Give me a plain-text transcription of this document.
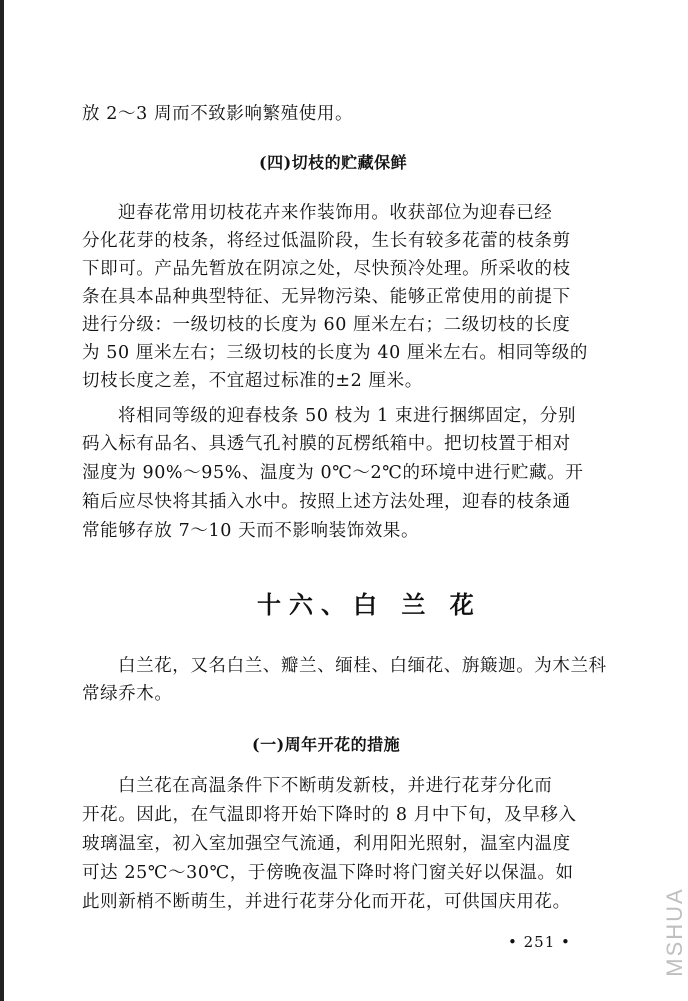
放 2～3 周而不致影响繁殖使用。
(四)切枝的贮藏保鲜
迎春花常用切枝花卉来作装饰用。收获部位为迎春已经
分化花芽的枝条，将经过低温阶段，生长有较多花蕾的枝条剪
下即可。产品先暂放在阴凉之处，尽快预冷处理。所采收的枝
条在具本品种典型特征、无异物污染、能够正常使用的前提下
进行分级：一级切枝的长度为 60 厘米左右；二级切枝的长度
为 50 厘米左右；三级切枝的长度为 40 厘米左右。相同等级的
切枝长度之差，不宜超过标准的±2 厘米。
将相同等级的迎春枝条 50 枝为 1 束进行捆绑固定，分别
码入标有品名、具透气孔衬膜的瓦楞纸箱中。把切枝置于相对
湿度为 90%～95%、温度为 0℃～2℃的环境中进行贮藏。开
箱后应尽快将其插入水中。按照上述方法处理，迎春的枝条通
常能够存放 7～10 天而不影响装饰效果。
十六、白 兰 花
白兰花，又名白兰、瓣兰、缅桂、白缅花、旃簸迦。为木兰科
常绿乔木。
(一)周年开花的措施
白兰花在高温条件下不断萌发新枝，并进行花芽分化而
开花。因此，在气温即将开始下降时的 8 月中下旬，及早移入
玻璃温室，初入室加强空气流通，利用阳光照射，温室内温度
可达 25℃～30℃，于傍晚夜温下降时将门窗关好以保温。如
此则新梢不断萌生，并进行花芽分化而开花，可供国庆用花。
• 251 •	MSHUA
